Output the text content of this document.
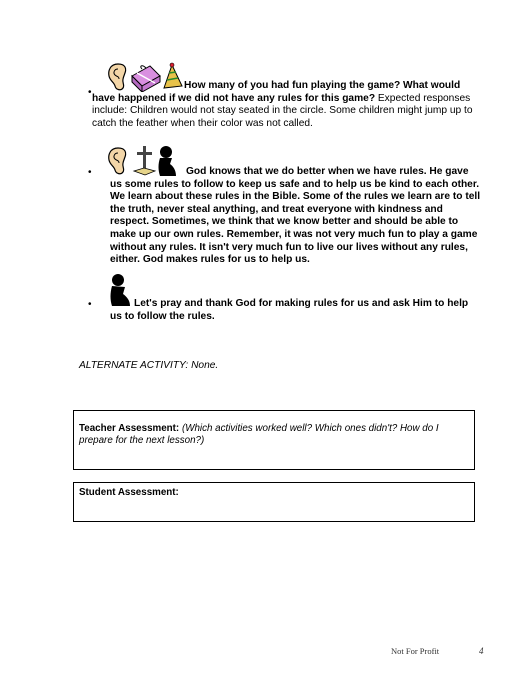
•

How many of you had fun playing the game? What would have happened if we did not have any rules for this game? Expected responses include: Children would not stay seated in the circle. Some children might jump up to catch the feather when their color was not called.

•	God knows that we do better when we have rules. He gave
us some rules to follow to keep us safe and to help us be kind to each other. We learn about these rules in the Bible. Some of the rules we learn are to tell the truth, never steal anything, and treat everyone with kindness and respect. Sometimes, we think that we know better and should be able to make up our own rules. Remember, it was not very much fun to play a game without any rules. It isn't very much fun to live our lives without any rules, either. God makes rules for us to help us.

•	Let's pray and thank God for making rules for us and ask Him to help
us to follow the rules.

ALTERNATE ACTIVITY: None.
Teacher Assessment: (Which activities worked well? Which ones didn't? How do I prepare for the next lesson?)
Student Assessment:
Not For Profit	4
